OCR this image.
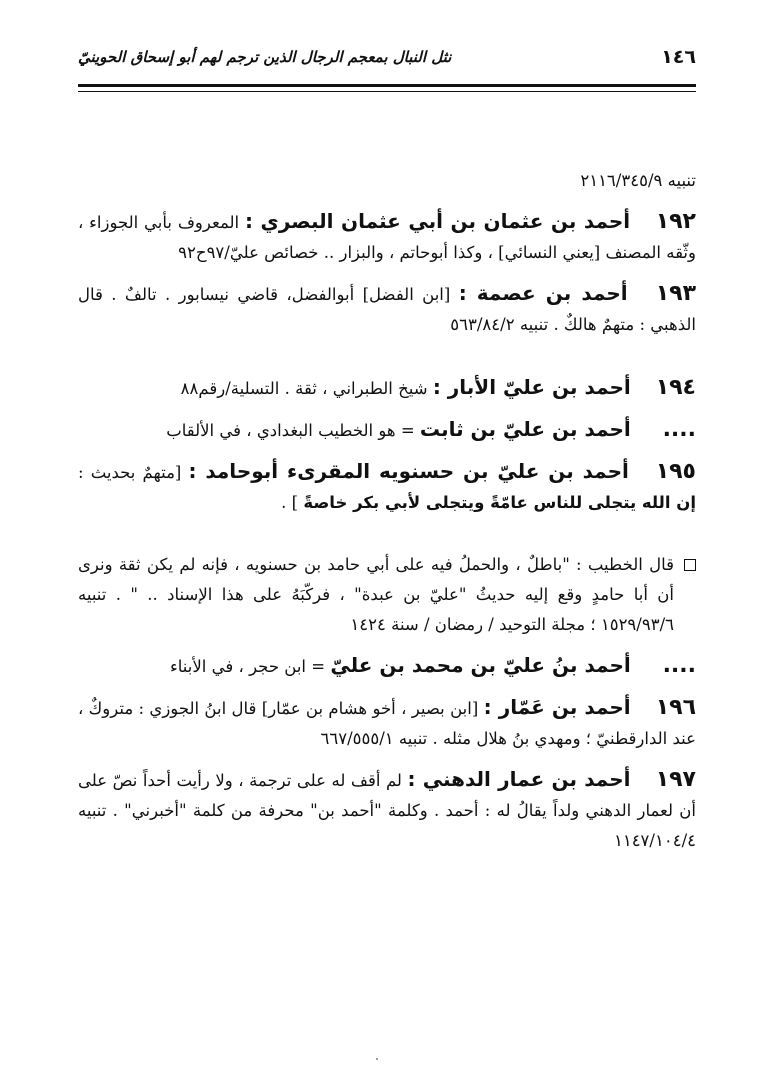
١٤٦
نثل النبال بمعجم الرجال الذين ترجم لهم أبو إسحاق الحوينيّ

تنبيه ٢١١٦/٣٤٥/٩

١٩٢ أحمد بن عثمان بن أبي عثمان البصري : المعروف بأبي الجوزاء ، وثّقه المصنف [يعني النسائي] ، وكذا أبوحاتم ، والبزار .. خصائص عليّ/٩٧ح٩٢

١٩٣ أحمد بن عصمة : [ابن الفضل] أبوالفضل، قاضي نيسابور . تالفٌ . قال الذهبي : متهمٌ هالكٌ . تنبيه ٥٦٣/٨٤/٢

١٩٤ أحمد بن عليّ الأبار : شيخ الطبراني ، ثقة . التسلية/رقم٨٨

.... أحمد بن عليّ بن ثابت = هو الخطيب البغدادي ، في الألقاب

١٩٥ أحمد بن عليّ بن حسنويه المقرىء أبوحامد : [متهمٌ بحديث : إن الله يتجلى للناس عامّةً ويتجلى لأبي بكر خاصةً ] .

قال الخطيب : "باطلٌ ، والحملُ فيه على أبي حامد بن حسنويه ، فإنه لم يكن ثقة ونرى أن أبا حامدٍ وقع إليه حديثُ "عليّ بن عبدة" ، فركّبَهُ على هذا الإسناد .. " . تنبيه ١٥٢٩/٩٣/٦ ؛ مجلة التوحيد / رمضان / سنة ١٤٢٤

.... أحمد بنُ عليّ بن محمد بن عليّ = ابن حجر ، في الأبناء

١٩٦ أحمد بن عَمّار : [ابن بصير ، أخو هشام بن عمّار] قال ابنُ الجوزي : متروكٌ ، عند الدارقطنيّ ؛ ومهدي بنُ هلال مثله . تنبيه ٦٦٧/٥٥٥/١

١٩٧ أحمد بن عمار الدهني : لم أقف له على ترجمة ، ولا رأيت أحداً نصّ على أن لعمار الدهني ولداً يقالُ له : أحمد . وكلمة "أحمد بن" محرفة من كلمة "أخبرني" . تنبيه ١١٤٧/١٠٤/٤
